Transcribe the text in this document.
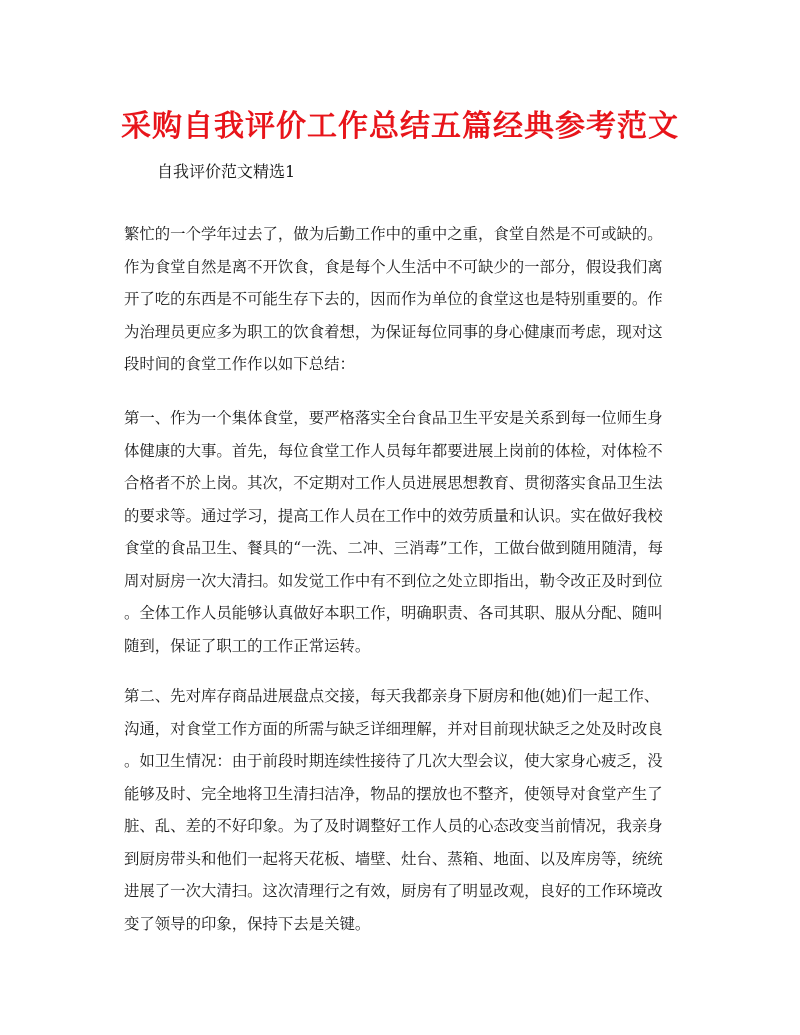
采购自我评价工作总结五篇经典参考范文

自我评价范文精选1

繁忙的一个学年过去了，做为后勤工作中的重中之重，食堂自然是不可或缺的。
作为食堂自然是离不开饮食，食是每个人生活中不可缺少的一部分，假设我们离
开了吃的东西是不可能生存下去的，因而作为单位的食堂这也是特别重要的。作
为治理员更应多为职工的饮食着想，为保证每位同事的身心健康而考虑，现对这
段时间的食堂工作作以如下总结：
第一、作为一个集体食堂，要严格落实全台食品卫生平安是关系到每一位师生身
体健康的大事。首先，每位食堂工作人员每年都要进展上岗前的体检，对体检不
合格者不於上岗。其次，不定期对工作人员进展思想教育、贯彻落实食品卫生法
的要求等。通过学习，提高工作人员在工作中的效劳质量和认识。实在做好我校
食堂的食品卫生、餐具的“一洗、二冲、三消毒”工作，工做台做到随用随清，每
周对厨房一次大清扫。如发觉工作中有不到位之处立即指出，勒令改正及时到位
。全体工作人员能够认真做好本职工作，明确职责、各司其职、服从分配、随叫
随到，保证了职工的工作正常运转。
第二、先对库存商品进展盘点交接，每天我都亲身下厨房和他(她)们一起工作、
沟通，对食堂工作方面的所需与缺乏详细理解，并对目前现状缺乏之处及时改良
。如卫生情况：由于前段时期连续性接待了几次大型会议，使大家身心疲乏，没
能够及时、完全地将卫生清扫洁净，物品的摆放也不整齐，使领导对食堂产生了
脏、乱、差的不好印象。为了及时调整好工作人员的心态改变当前情况，我亲身
到厨房带头和他们一起将天花板、墙壁、灶台、蒸箱、地面、以及库房等，统统
进展了一次大清扫。这次清理行之有效，厨房有了明显改观，良好的工作环境改
变了领导的印象，保持下去是关键。
